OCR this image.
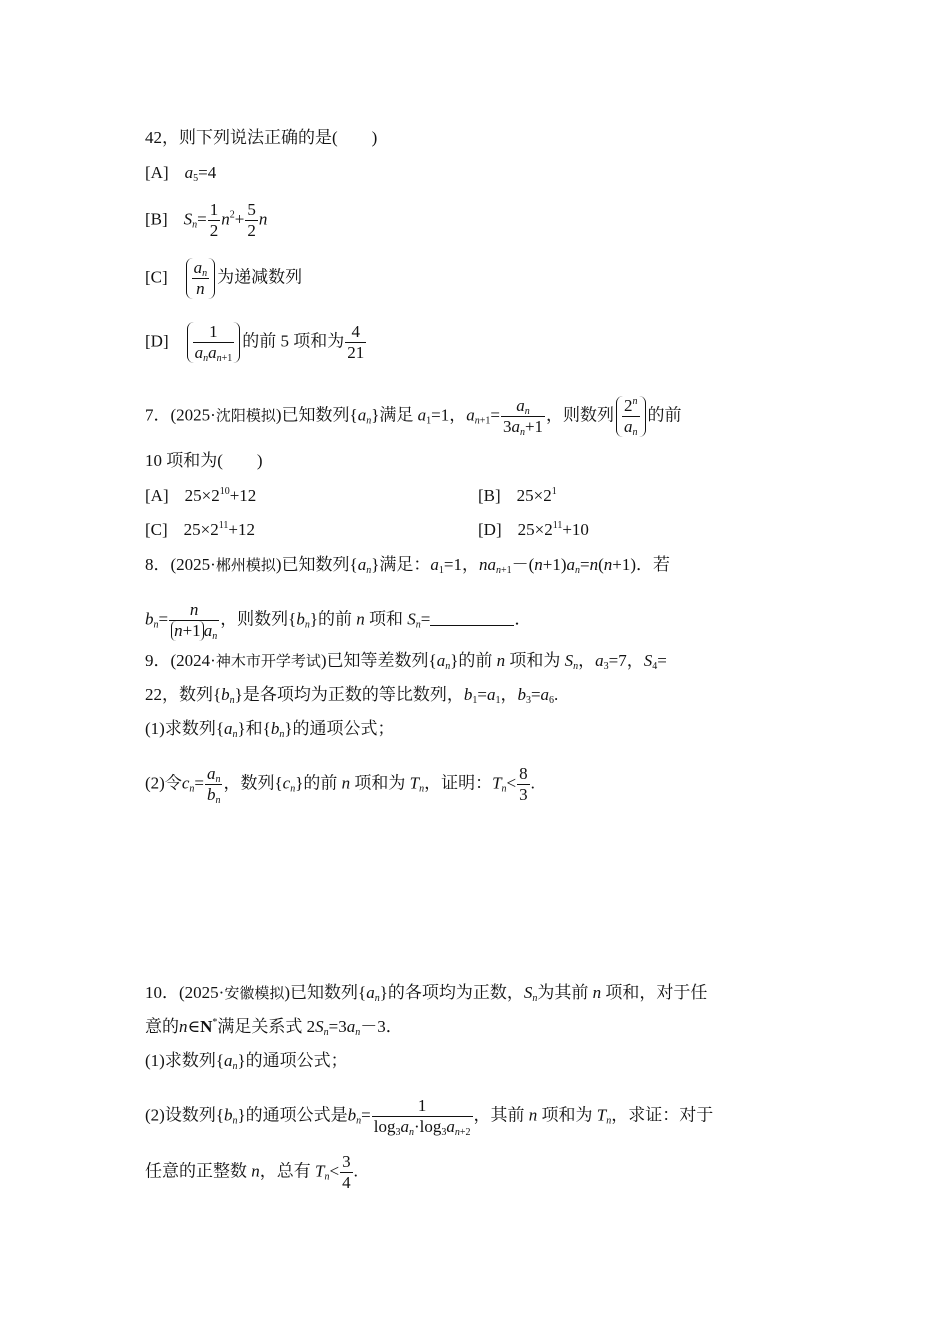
42，则下列说法正确的是(　　)
[A] $a_5=4$
[B] $S_n= \frac{1}{2} n^2+ \frac{5}{2}$ n
$[C] \frac{a_n}{n}$ 为递减数列
$[D] \frac{1}{a_na_{n+1}}$ 的前 5 项和为 $\frac{4}{21}$
7．(2025·沈阳模拟)已知数列$\{a_n\}$满足 $a_1=1$，$a_{n+1}= \frac{a_n}{3a_n+1}$ ，则数列 $\frac{2^n}{a_n}$ 的前
10 项和为(　　)
[A] $25\times 2^{10}+12$	[B] $25\times 2^1$
[C] $25\times 2^{11}+12$	[D] $25\times 2^{11}+10$
8．(2025·郴州模拟)已知数列$\{a_n\}$满足：$a_1=1$，$na_{n+1}-(n+1)a_n=n(n+1)$．若
$b_n= \frac{n}{n+1 a_n}$ ，则数列$\{b_n\}$的前 n 项和 $S_n=$	．
9．(2024·神木市开学考试)已知等差数列$\{a_n\}$的前 n 项和为 $S_n$，$a_3=7$，$S_4=$
22，数列$\{b_n\}$是各项均为正数的等比数列，$b_1=a_1$，$b_3=a_6$.
(1)求数列$\{a_n\}$和$\{b_n\}$的通项公式；
(2)令$c_n= \frac{a_n}{b_n}$ ，数列$\{c_n\}$的前 n 项和为 $T_n$，证明：$T_n< \frac{8}{3}$ .
10．(2025·安徽模拟)已知数列$\{a_n\}$的各项均为正数，$S_n$为其前 n 项和，对于任
意的n∈N*满足关系式 $2S_n=3a_n-3$．
(1)求数列$\{a_n\}$的通项公式；
(2)设数列$\{b_n\}$的通项公式是$b_n= \frac{1}{\log_3a_n\cdot\log_3a_{n+2}}$ ，其前 n 项和为 $T_n$，求证：对于
任意的正整数 n，总有 $T_n< \frac{3}{4}$ .
